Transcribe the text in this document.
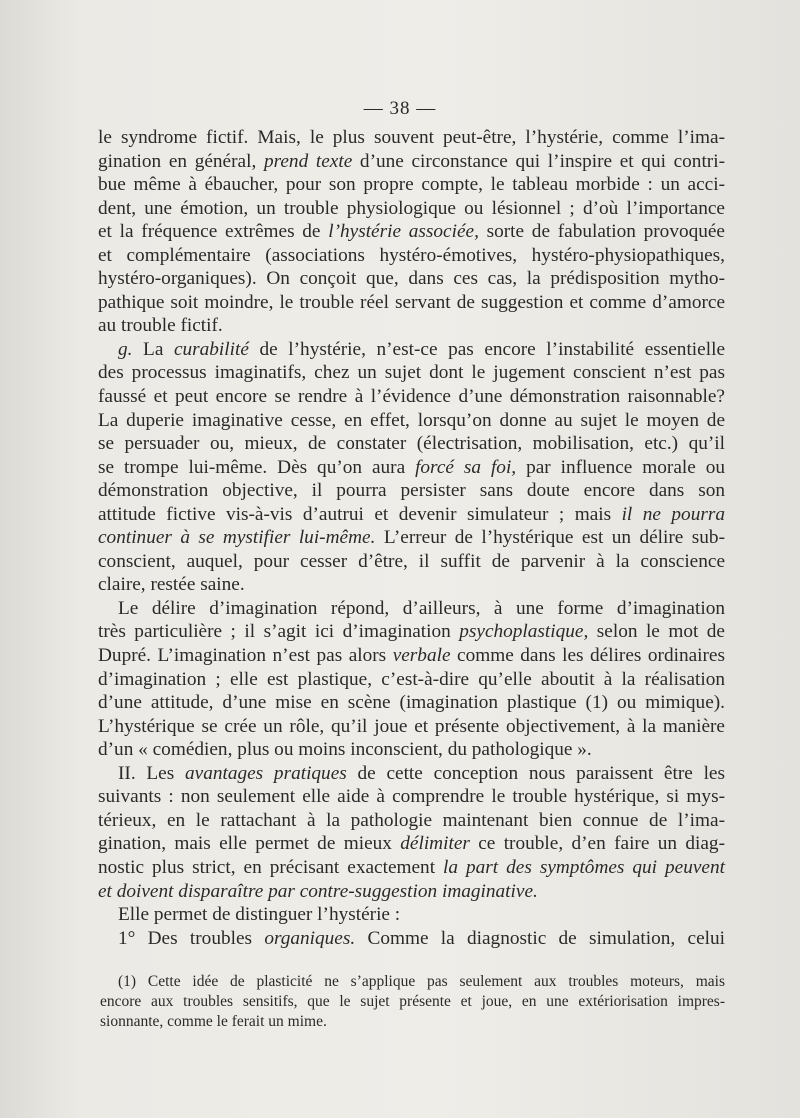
— 38 —
le syndrome fictif. Mais, le plus souvent peut-être, l’hystérie, comme l’ima-
gination en général, prend texte d’une circonstance qui l’inspire et qui contri-
bue même à ébaucher, pour son propre compte, le tableau morbide : un acci-
dent, une émotion, un trouble physiologique ou lésionnel ; d’où l’importance
et la fréquence extrêmes de l’hystérie associée, sorte de fabulation provoquée
et complémentaire (associations hystéro-émotives, hystéro-physiopathiques,
hystéro-organiques). On conçoit que, dans ces cas, la prédisposition mytho-
pathique soit moindre, le trouble réel servant de suggestion et comme d’amorce
au trouble fictif.
g. La curabilité de l’hystérie, n’est-ce pas encore l’instabilité essentielle
des processus imaginatifs, chez un sujet dont le jugement conscient n’est pas
faussé et peut encore se rendre à l’évidence d’une démonstration raisonnable?
La duperie imaginative cesse, en effet, lorsqu’on donne au sujet le moyen de
se persuader ou, mieux, de constater (électrisation, mobilisation, etc.) qu’il
se trompe lui-même. Dès qu’on aura forcé sa foi, par influence morale ou
démonstration objective, il pourra persister sans doute encore dans son
attitude fictive vis-à-vis d’autrui et devenir simulateur ; mais il ne pourra
continuer à se mystifier lui-même. L’erreur de l’hystérique est un délire sub-
conscient, auquel, pour cesser d’être, il suffit de parvenir à la conscience
claire, restée saine.
Le délire d’imagination répond, d’ailleurs, à une forme d’imagination
très particulière ; il s’agit ici d’imagination psychoplastique, selon le mot de
Dupré. L’imagination n’est pas alors verbale comme dans les délires ordinaires
d’imagination ; elle est plastique, c’est-à-dire qu’elle aboutit à la réalisation
d’une attitude, d’une mise en scène (imagination plastique (1) ou mimique).
L’hystérique se crée un rôle, qu’il joue et présente objectivement, à la manière
d’un « comédien, plus ou moins inconscient, du pathologique ».
II. Les avantages pratiques de cette conception nous paraissent être les
suivants : non seulement elle aide à comprendre le trouble hystérique, si mys-
térieux, en le rattachant à la pathologie maintenant bien connue de l’ima-
gination, mais elle permet de mieux délimiter ce trouble, d’en faire un diag-
nostic plus strict, en précisant exactement la part des symptômes qui peuvent
et doivent disparaître par contre-suggestion imaginative.
Elle permet de distinguer l’hystérie :
1° Des troubles organiques. Comme la diagnostic de simulation, celui
(1) Cette idée de plasticité ne s’applique pas seulement aux troubles moteurs, mais
encore aux troubles sensitifs, que le sujet présente et joue, en une extériorisation impres-
sionnante, comme le ferait un mime.
